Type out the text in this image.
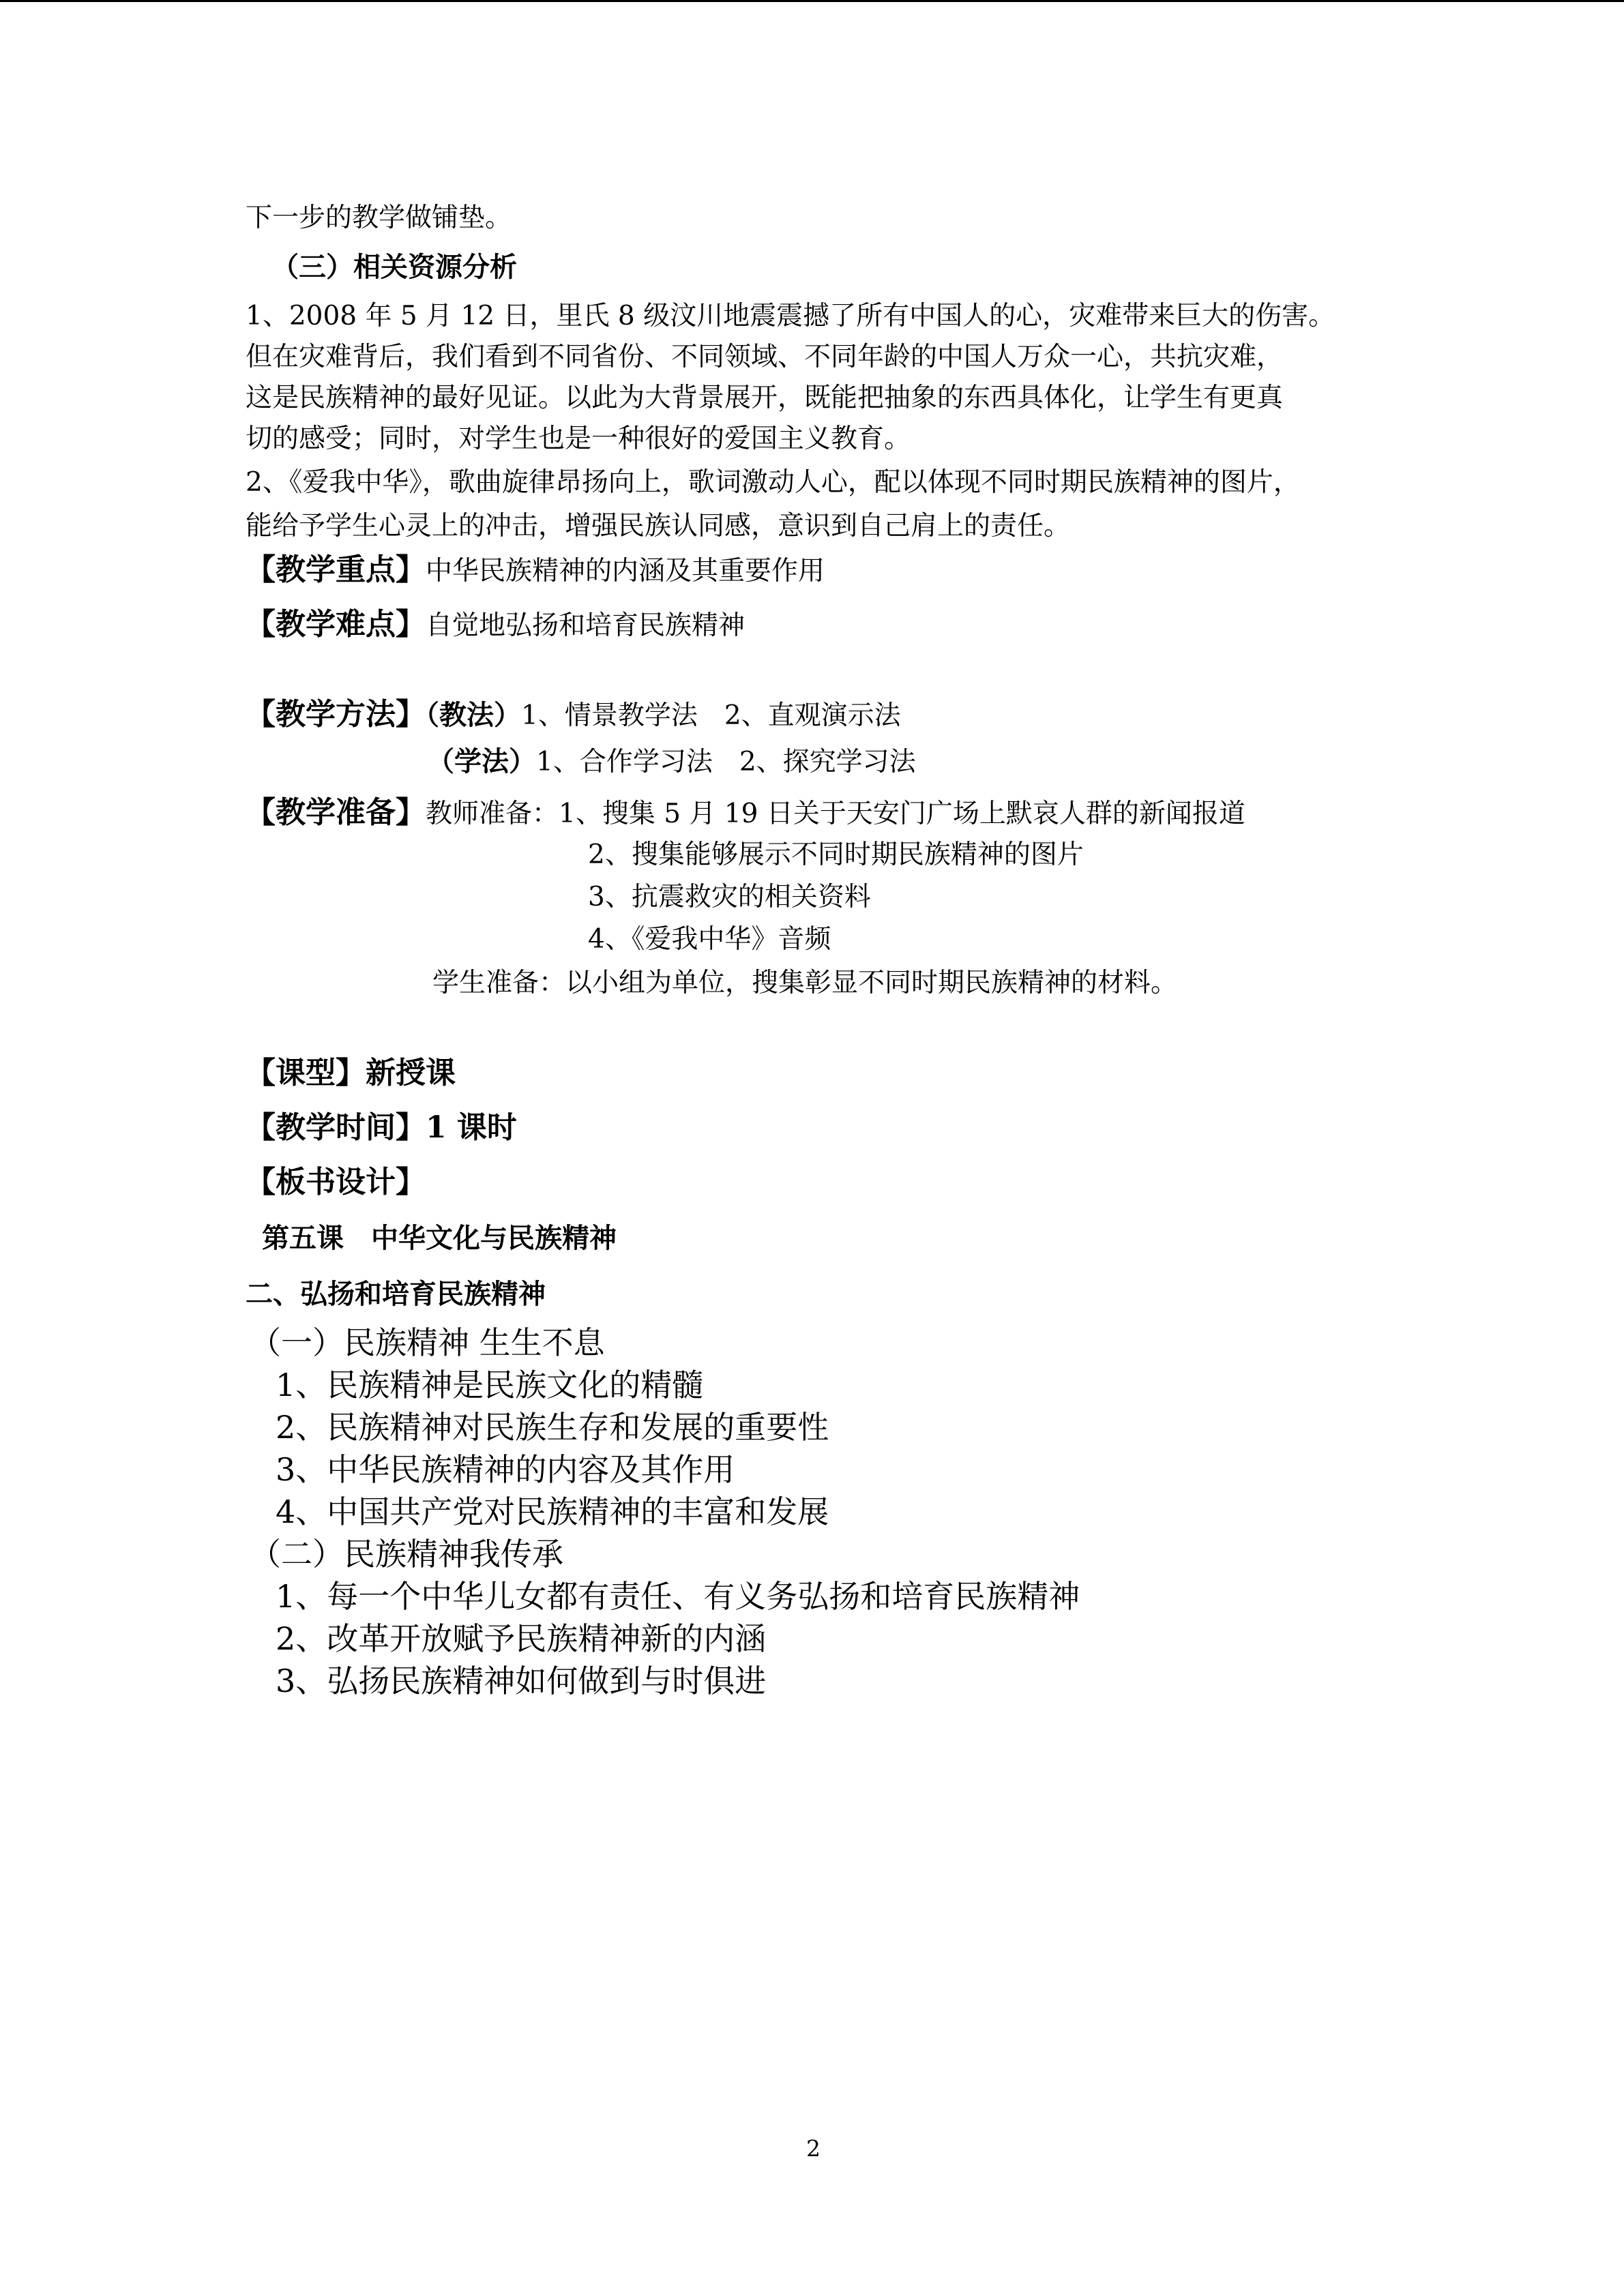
下一步的教学做铺垫。
（三）相关资源分析
1、2008 年 5 月 12 日，里氏 8 级汶川地震震撼了所有中国人的心，灾难带来巨大的伤害。
但在灾难背后，我们看到不同省份、不同领域、不同年龄的中国人万众一心，共抗灾难，
这是民族精神的最好见证。以此为大背景展开，既能把抽象的东西具体化，让学生有更真
切的感受；同时，对学生也是一种很好的爱国主义教育。
2、《爱我中华》，歌曲旋律昂扬向上，歌词激动人心，配以体现不同时期民族精神的图片，
能给予学生心灵上的冲击，增强民族认同感，意识到自己肩上的责任。
【教学重点】中华民族精神的内涵及其重要作用
【教学难点】自觉地弘扬和培育民族精神
【教学方法】（教法）1、情景教学法　2、直观演示法
（学法）1、合作学习法　2、探究学习法
【教学准备】教师准备：1、搜集 5 月 19 日关于天安门广场上默哀人群的新闻报道
2、搜集能够展示不同时期民族精神的图片
3、抗震救灾的相关资料
4、《爱我中华》音频
学生准备：以小组为单位，搜集彰显不同时期民族精神的材料。
【课型】新授课
【教学时间】1 课时
【板书设计】
第五课　中华文化与民族精神
二、弘扬和培育民族精神
（一）民族精神 生生不息
1、民族精神是民族文化的精髓
2、民族精神对民族生存和发展的重要性
3、中华民族精神的内容及其作用
4、中国共产党对民族精神的丰富和发展
（二）民族精神我传承
1、每一个中华儿女都有责任、有义务弘扬和培育民族精神
2、改革开放赋予民族精神新的内涵
3、弘扬民族精神如何做到与时俱进
2
